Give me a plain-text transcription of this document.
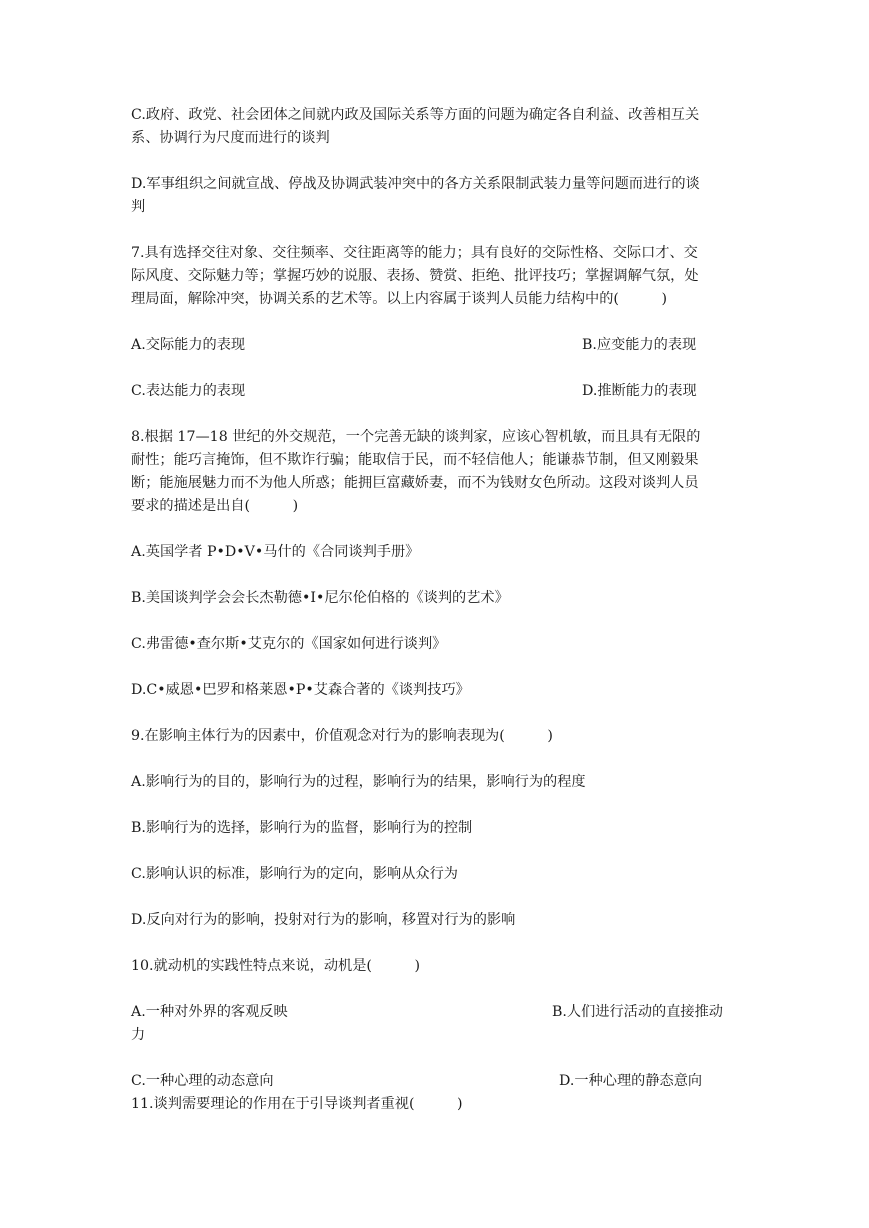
C.政府、政党、社会团体之间就内政及国际关系等方面的问题为确定各自利益、改善相互关
系、协调行为尺度而进行的谈判
D.军事组织之间就宣战、停战及协调武装冲突中的各方关系限制武装力量等问题而进行的谈
判
7.具有选择交往对象、交往频率、交往距离等的能力；具有良好的交际性格、交际口才、交
际风度、交际魅力等；掌握巧妙的说服、表扬、赞赏、拒绝、批评技巧；掌握调解气氛，处
理局面，解除冲突，协调关系的艺术等。以上内容属于谈判人员能力结构中的(　　　)
A.交际能力的表现	B.应变能力的表现
C.表达能力的表现	D.推断能力的表现
8.根据 17—18 世纪的外交规范，一个完善无缺的谈判家，应该心智机敏，而且具有无限的
耐性；能巧言掩饰，但不欺诈行骗；能取信于民，而不轻信他人；能谦恭节制，但又刚毅果
断；能施展魅力而不为他人所惑；能拥巨富藏娇妻，而不为钱财女色所动。这段对谈判人员
要求的描述是出自(　　　)
A.英国学者 P•D•V•马什的《合同谈判手册》
B.美国谈判学会会长杰勒德•I•尼尔伦伯格的《谈判的艺术》
C.弗雷德•查尔斯•艾克尔的《国家如何进行谈判》
D.C•威恩•巴罗和格莱恩•P•艾森合著的《谈判技巧》
9.在影响主体行为的因素中，价值观念对行为的影响表现为(　　　)
A.影响行为的目的，影响行为的过程，影响行为的结果，影响行为的程度
B.影响行为的选择，影响行为的监督，影响行为的控制
C.影响认识的标准，影响行为的定向，影响从众行为
D.反向对行为的影响，投射对行为的影响，移置对行为的影响
10.就动机的实践性特点来说，动机是(　　　)
A.一种对外界的客观反映	B.人们进行活动的直接推动
力
C.一种心理的动态意向	D.一种心理的静态意向
11.谈判需要理论的作用在于引导谈判者重视(　　　)
